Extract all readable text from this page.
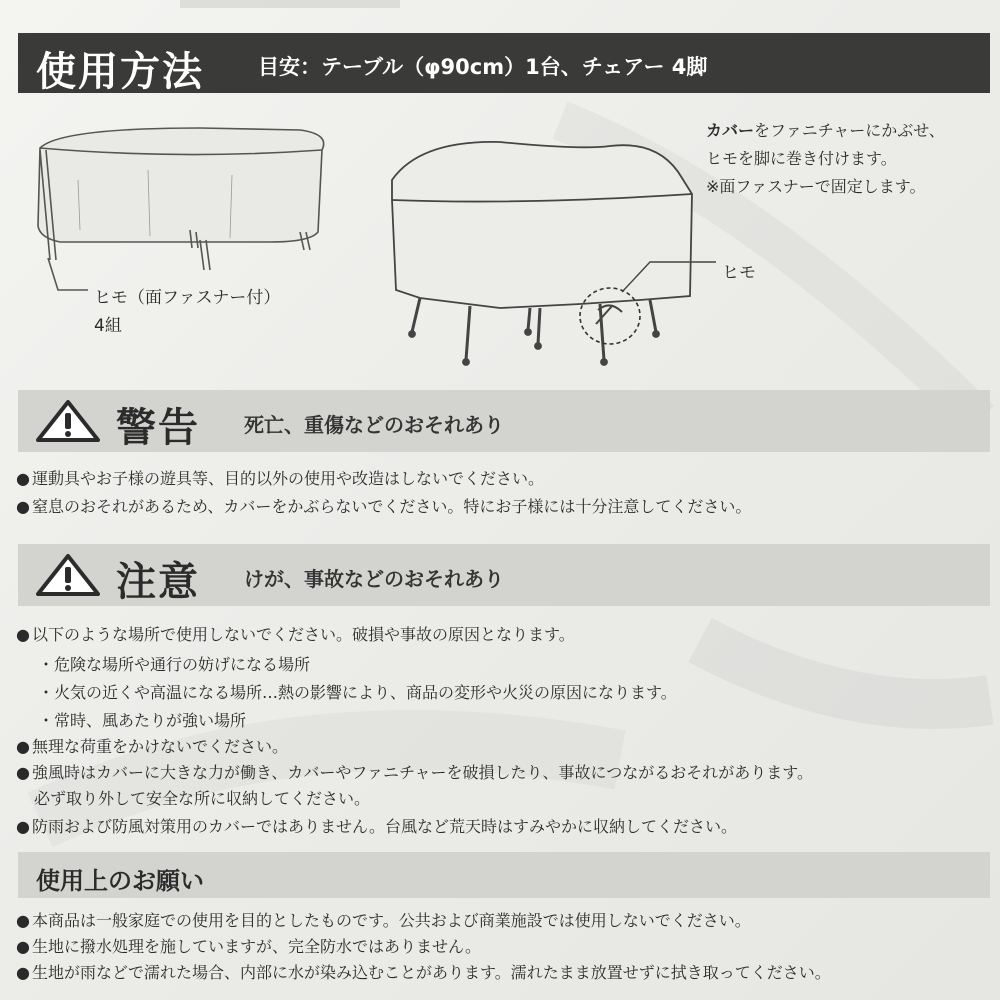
使用方法	目安：テーブル（φ90cm）1台、チェアー 4脚
ヒモ（面ファスナー付）
4組
ヒモ
カバーをファニチャーにかぶせ、
ヒモを脚に巻き付けます。
※面ファスナーで固定します。
警告 死亡、重傷などのおそれあり
● 運動具やお子様の遊具等、目的以外の使用や改造はしないでください。
● 窒息のおそれがあるため、カバーをかぶらないでください。特にお子様には十分注意してください。
注意 けが、事故などのおそれあり
● 以下のような場所で使用しないでください。破損や事故の原因となります。
・危険な場所や通行の妨げになる場所
・火気の近くや高温になる場所…熱の影響により、商品の変形や火災の原因になります。
・常時、風あたりが強い場所
● 無理な荷重をかけないでください。
● 強風時はカバーに大きな力が働き、カバーやファニチャーを破損したり、事故につながるおそれがあります。
必ず取り外して安全な所に収納してください。
● 防雨および防風対策用のカバーではありません。台風など荒天時はすみやかに収納してください。
使用上のお願い
● 本商品は一般家庭での使用を目的としたものです。公共および商業施設では使用しないでください。
● 生地に撥水処理を施していますが、完全防水ではありません。
● 生地が雨などで濡れた場合、内部に水が染み込むことがあります。濡れたまま放置せずに拭き取ってください。
